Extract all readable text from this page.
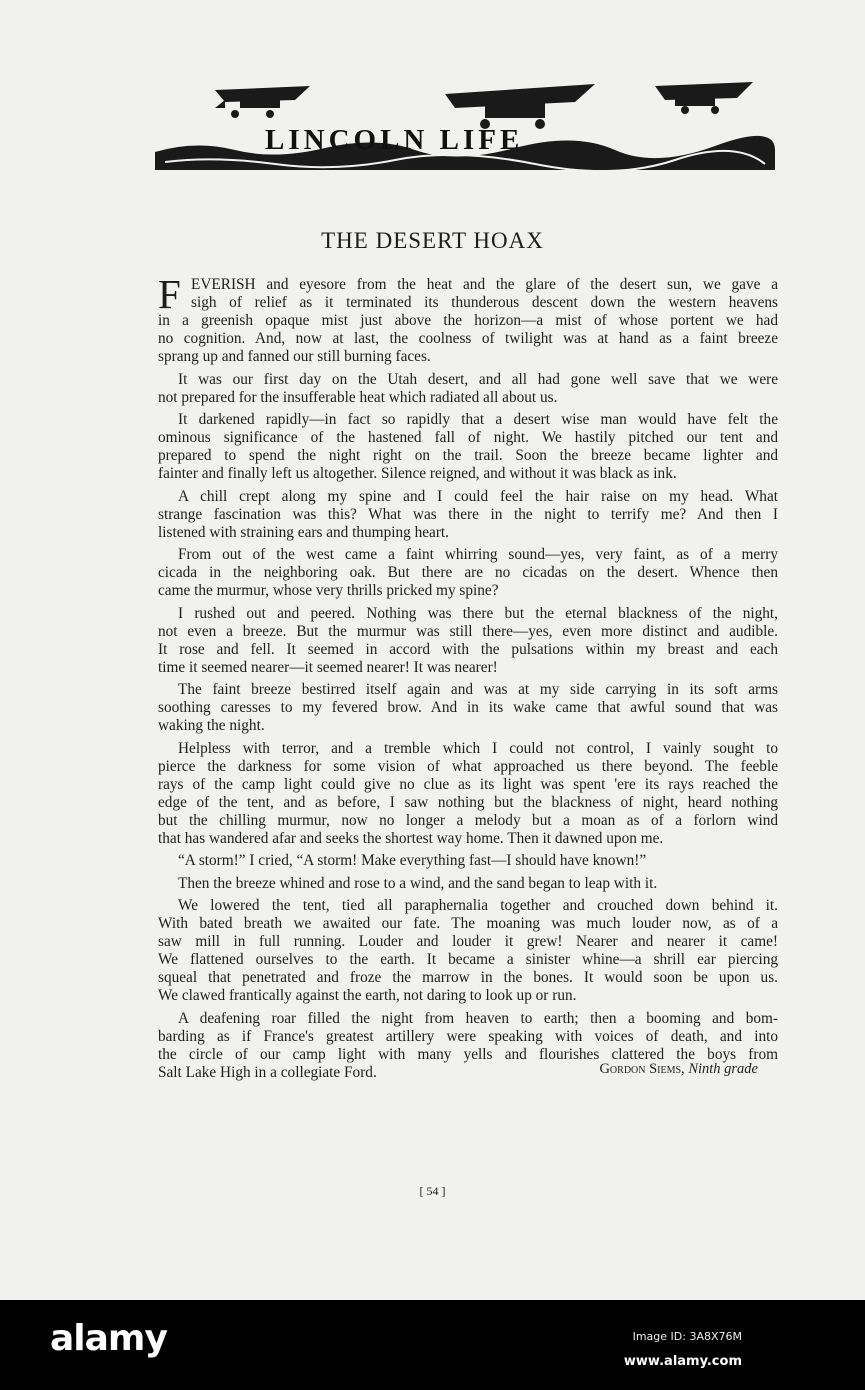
LINCOLN LIFE
THE DESERT HOAX
F EVERISH and eyesore from the heat and the glare of the desert sun, we gave a
sigh of relief as it terminated its thunderous descent down the western heavens
in a greenish opaque mist just above the horizon—a mist of whose portent we had
no cognition. And, now at last, the coolness of twilight was at hand as a faint breeze
sprang up and fanned our still burning faces.
It was our first day on the Utah desert, and all had gone well save that we were
not prepared for the insufferable heat which radiated all about us.
It darkened rapidly—in fact so rapidly that a desert wise man would have felt the
ominous significance of the hastened fall of night. We hastily pitched our tent and
prepared to spend the night right on the trail. Soon the breeze became lighter and
fainter and finally left us altogether. Silence reigned, and without it was black as ink.
A chill crept along my spine and I could feel the hair raise on my head. What
strange fascination was this? What was there in the night to terrify me? And then I
listened with straining ears and thumping heart.
From out of the west came a faint whirring sound—yes, very faint, as of a merry
cicada in the neighboring oak. But there are no cicadas on the desert. Whence then
came the murmur, whose very thrills pricked my spine?
I rushed out and peered. Nothing was there but the eternal blackness of the night,
not even a breeze. But the murmur was still there—yes, even more distinct and audible.
It rose and fell. It seemed in accord with the pulsations within my breast and each
time it seemed nearer—it seemed nearer! It was nearer!
The faint breeze bestirred itself again and was at my side carrying in its soft arms
soothing caresses to my fevered brow. And in its wake came that awful sound that was
waking the night.
Helpless with terror, and a tremble which I could not control, I vainly sought to
pierce the darkness for some vision of what approached us there beyond. The feeble
rays of the camp light could give no clue as its light was spent 'ere its rays reached the
edge of the tent, and as before, I saw nothing but the blackness of night, heard nothing
but the chilling murmur, now no longer a melody but a moan as of a forlorn wind
that has wandered afar and seeks the shortest way home. Then it dawned upon me.
“A storm!” I cried, “A storm! Make everything fast—I should have known!”
Then the breeze whined and rose to a wind, and the sand began to leap with it.
We lowered the tent, tied all paraphernalia together and crouched down behind it.
With bated breath we awaited our fate. The moaning was much louder now, as of a
saw mill in full running. Louder and louder it grew! Nearer and nearer it came!
We flattened ourselves to the earth. It became a sinister whine—a shrill ear piercing
squeal that penetrated and froze the marrow in the bones. It would soon be upon us.
We clawed frantically against the earth, not daring to look up or run.
A deafening roar filled the night from heaven to earth; then a booming and bom-
barding as if France's greatest artillery were speaking with voices of death, and into
the circle of our camp light with many yells and flourishes clattered the boys from
Salt Lake High in a collegiate Ford.	Gordon Siems, Ninth grade
[ 54 ]
alamy	Image ID: 3A8X76M
www.alamy.com
